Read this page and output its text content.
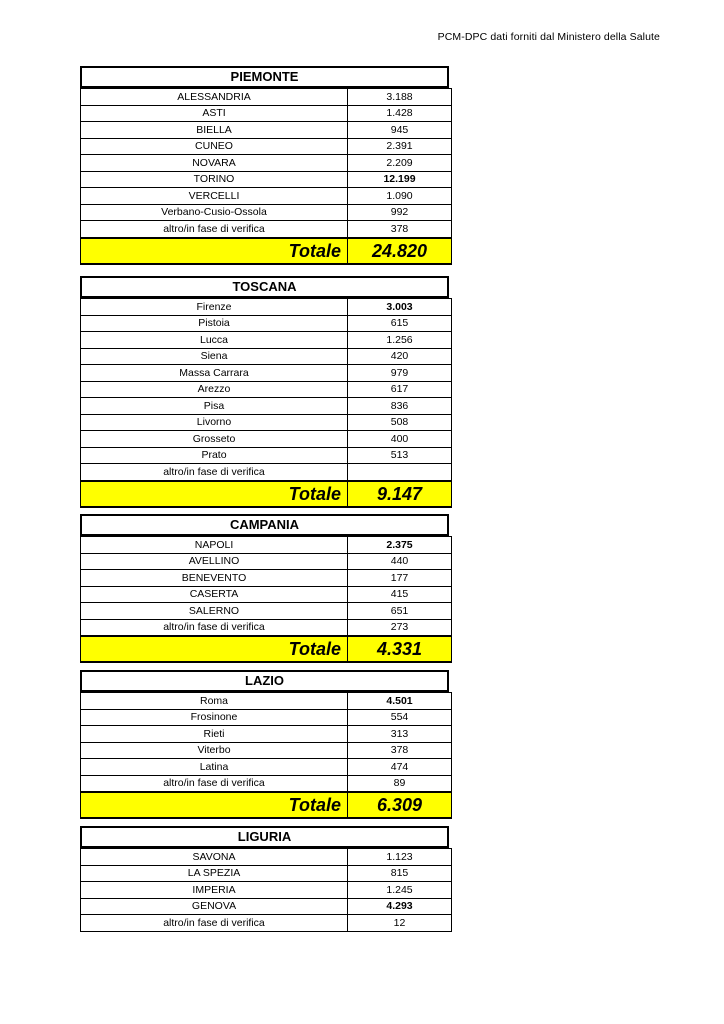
PCM-DPC dati forniti dal Ministero della Salute
PIEMONTE
ALESSANDRIA	3.188
ASTI	1.428
BIELLA	945
CUNEO	2.391
NOVARA	2.209
TORINO	12.199
VERCELLI	1.090
Verbano-Cusio-Ossola	992
altro/in fase di verifica	378
Totale	24.820
TOSCANA
Firenze	3.003
Pistoia	615
Lucca	1.256
Siena	420
Massa Carrara	979
Arezzo	617
Pisa	836
Livorno	508
Grosseto	400
Prato	513
altro/in fase di verifica	
Totale	9.147
CAMPANIA
NAPOLI	2.375
AVELLINO	440
BENEVENTO	177
CASERTA	415
SALERNO	651
altro/in fase di verifica	273
Totale	4.331
LAZIO
Roma	4.501
Frosinone	554
Rieti	313
Viterbo	378
Latina	474
altro/in fase di verifica	89
Totale	6.309
LIGURIA
SAVONA	1.123
LA SPEZIA	815
IMPERIA	1.245
GENOVA	4.293
altro/in fase di verifica	12
